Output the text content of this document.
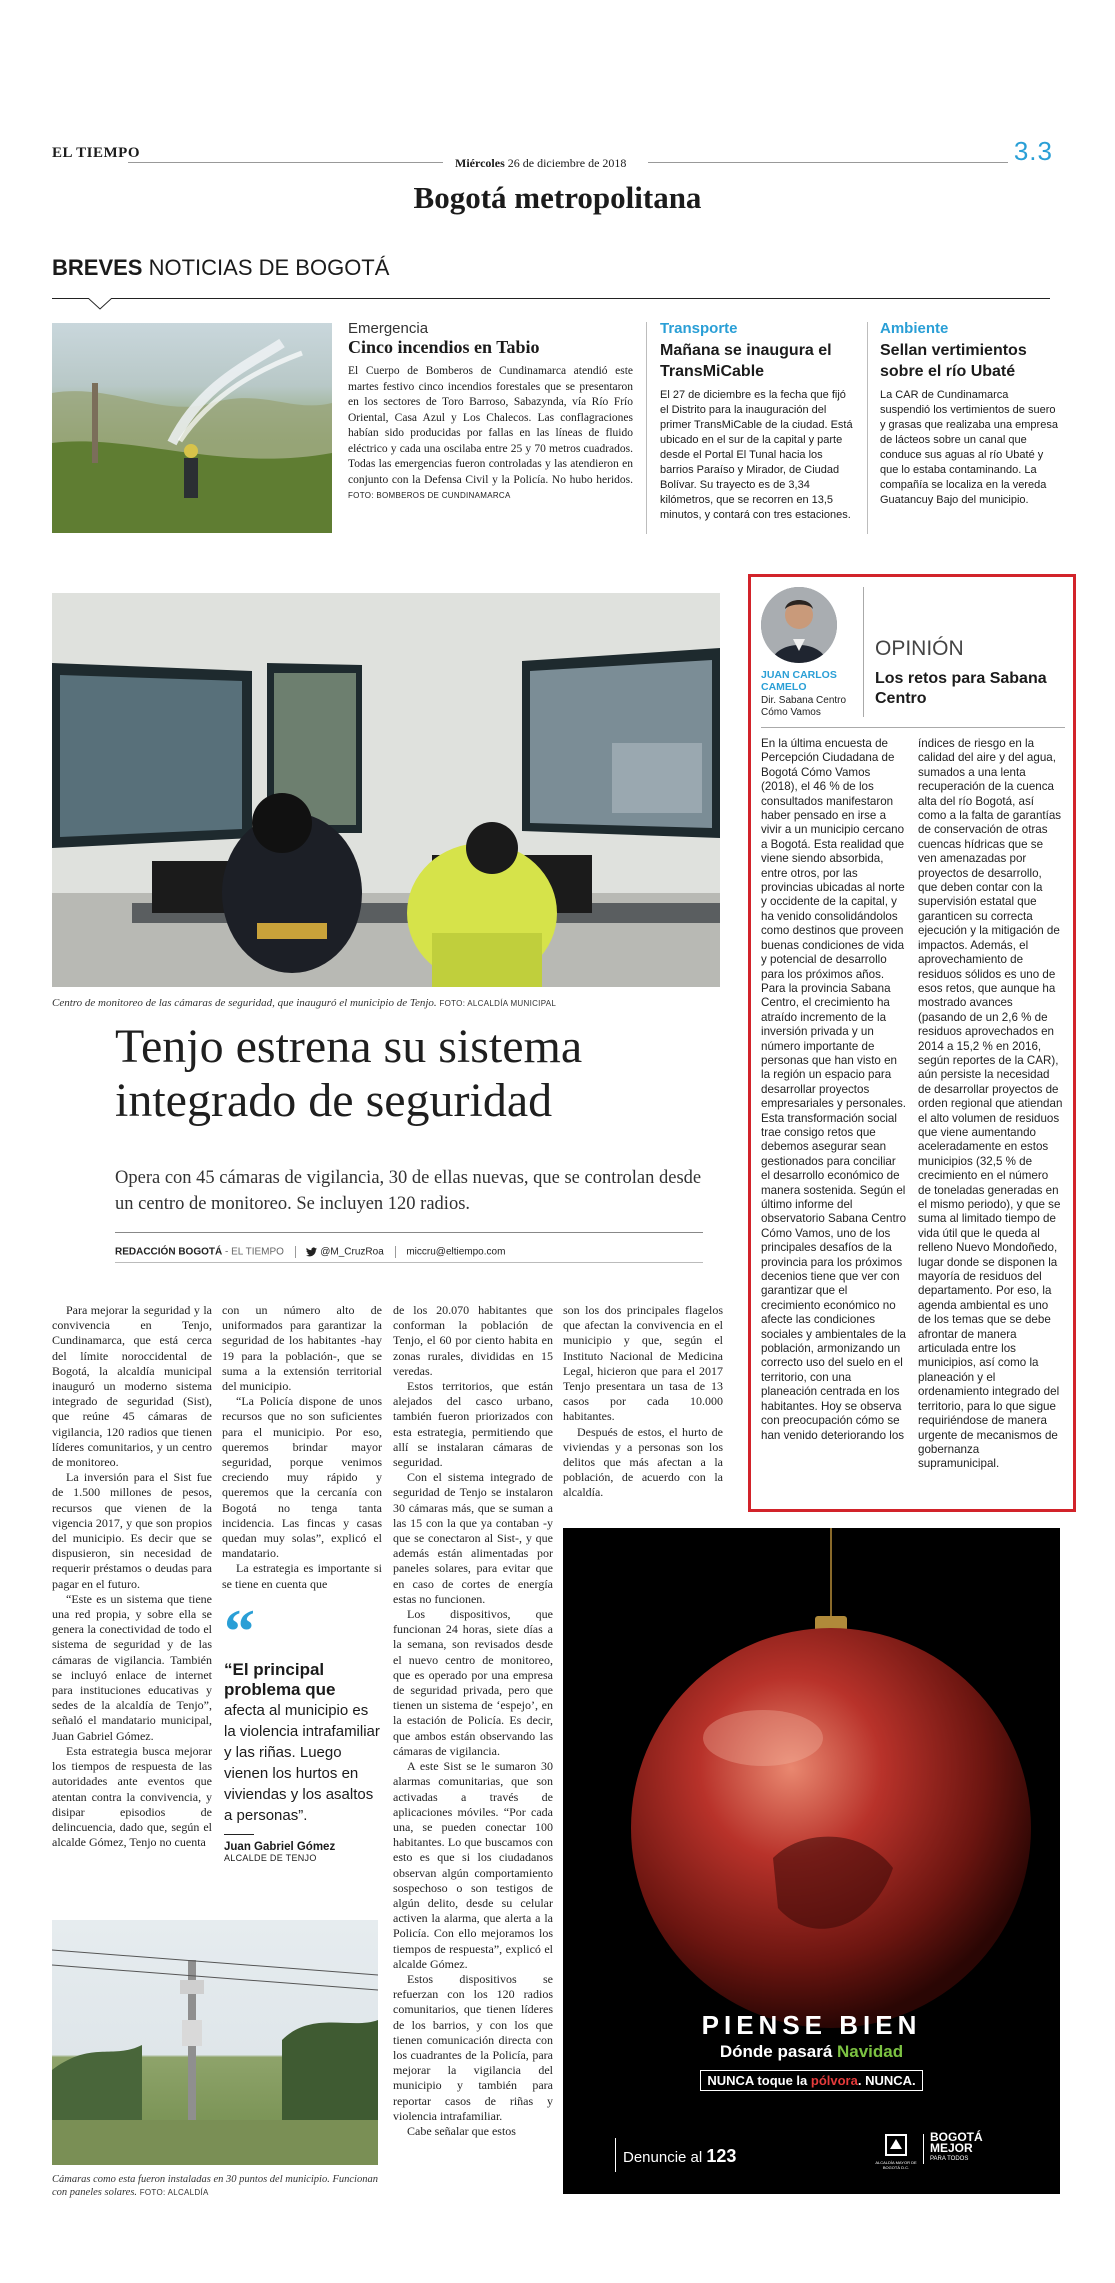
EL TIEMPO
Miércoles 26 de diciembre de 2018	3.3
Bogotá metropolitana
BREVES NOTICIAS DE BOGOTÁ
Emergencia
Cinco incendios en Tabio
El Cuerpo de Bomberos de Cundinamarca atendió este martes festivo cinco incendios forestales que se presentaron en los sectores de Toro Barroso, Sabazynda, vía Río Frío Oriental, Casa Azul y Los Chalecos. Las conflagraciones habían sido producidas por fallas en las líneas de fluido eléctrico y cada una oscilaba entre 25 y 70 metros cuadrados. Todas las emergencias fueron controladas y las atendieron en conjunto con la Defensa Civil y la Policía. No hubo heridos. FOTO: BOMBEROS DE CUNDINAMARCA
Transporte
Mañana se inaugura el TransMiCable
El 27 de diciembre es la fecha que fijó el Distrito para la inauguración del primer TransMiCable de la ciudad. Está ubicado en el sur de la capital y parte desde el Portal El Tunal hacia los barrios Paraíso y Mirador, de Ciudad Bolívar. Su trayecto es de 3,34 kilómetros, que se recorren en 13,5 minutos, y contará con tres estaciones.
Ambiente
Sellan vertimientos sobre el río Ubaté
La CAR de Cundinamarca suspendió los vertimientos de suero y grasas que realizaba una empresa de lácteos sobre un canal que conduce sus aguas al río Ubaté y que lo estaba contaminando. La compañía se localiza en la vereda Guatancuy Bajo del municipio.
Centro de monitoreo de las cámaras de seguridad, que inauguró el municipio de Tenjo. FOTO: ALCALDÍA MUNICIPAL
Tenjo estrena su sistema integrado de seguridad
Opera con 45 cámaras de vigilancia, 30 de ellas nuevas, que se controlan desde un centro de monitoreo. Se incluyen 120 radios.
REDACCIÓN BOGOTÁ - EL TIEMPO	@M_CruzRoa miccru@eltiempo.com

Para mejorar la seguridad y la convivencia en Tenjo, Cundinamarca, que está cerca del límite noroccidental de Bogotá, la alcaldía municipal inauguró un moderno sistema integrado de seguridad (Sist), que reúne 45 cámaras de vigilancia, 120 radios que tienen líderes comunitarios, y un centro de monitoreo.

La inversión para el Sist fue de 1.500 millones de pesos, recursos que vienen de la vigencia 2017, y que son propios del municipio. Es decir que se dispusieron, sin necesidad de requerir préstamos o deudas para pagar en el futuro.

“Este es un sistema que tiene una red propia, y sobre ella se genera la conectividad de todo el sistema de seguridad y de las cámaras de vigilancia. También se incluyó enlace de internet para instituciones educativas y sedes de la alcaldía de Tenjo”, señaló el mandatario municipal, Juan Gabriel Gómez.

Esta estrategia busca mejorar los tiempos de respuesta de las autoridades ante eventos que atentan contra la convivencia, y disipar episodios de delincuencia, dado que, según el alcalde Gómez, Tenjo no cuenta

con un número alto de uniformados para garantizar la seguridad de los habitantes -hay 19 para la población-, que se suma a la extensión territorial del municipio.

“La Policía dispone de unos recursos que no son suficientes para el municipio. Por eso, queremos brindar mayor seguridad, porque venimos creciendo muy rápido y queremos que la cercanía con Bogotá no tenga tanta incidencia. Las fincas y casas quedan muy solas”, explicó el mandatario.

La estrategia es importante si se tiene en cuenta que

“
“El principal problema que
afecta al municipio es la violencia intrafamiliar y las riñas. Luego vienen los hurtos en viviendas y los asaltos a personas”.
Juan Gabriel Gómez
ALCALDE DE TENJO

de los 20.070 habitantes que conforman la población de Tenjo, el 60 por ciento habita en zonas rurales, divididas en 15 veredas.

Estos territorios, que están alejados del casco urbano, también fueron priorizados con esta estrategia, permitiendo que allí se instalaran cámaras de seguridad.

Con el sistema integrado de seguridad de Tenjo se instalaron 30 cámaras más, que se suman a las 15 con la que ya contaban -y que se conectaron al Sist-, y que además están alimentadas por paneles solares, para evitar que en caso de cortes de energía estas no funcionen.

Los dispositivos, que funcionan 24 horas, siete días a la semana, son revisados desde el nuevo centro de monitoreo, que es operado por una empresa de seguridad privada, pero que tienen un sistema de ‘espejo’, en la estación de Policía. Es decir, que ambos están observando las cámaras de vigilancia.

A este Sist se le sumaron 30 alarmas comunitarias, que son activadas a través de aplicaciones móviles. “Por cada una, se pueden conectar 100 habitantes. Lo que buscamos con esto es que si los ciudadanos observan algún comportamiento sospechoso o son testigos de algún delito, desde su celular activen la alarma, que alerta a la Policía. Con ello mejoramos los tiempos de respuesta”, explicó el alcalde Gómez.

Estos dispositivos se refuerzan con los 120 radios comunitarios, que tienen líderes de los barrios, y con los que tienen comunicación directa con los cuadrantes de la Policía, para mejorar la vigilancia del municipio y también para reportar casos de riñas y violencia intrafamiliar.

Cabe señalar que estos

son los dos principales flagelos que afectan la convivencia en el municipio y que, según el Instituto Nacional de Medicina Legal, hicieron que para el 2017 Tenjo presentara un tasa de 13 casos por cada 10.000 habitantes.

Después de estos, el hurto de viviendas y a personas son los delitos que más afectan a la población, de acuerdo con la alcaldía.

Cámaras como esta fueron instaladas en 30 puntos del municipio. Funcionan con paneles solares. FOTO: ALCALDÍA
JUAN CARLOS CAMELO
Dir. Sabana Centro Cómo Vamos
OPINIÓN
Los retos para Sabana Centro
En la última encuesta de Percepción Ciudadana de Bogotá Cómo Vamos (2018), el 46 % de los consultados manifestaron haber pensado en irse a vivir a un municipio cercano a Bogotá. Esta realidad que viene siendo absorbida, entre otros, por las provincias ubicadas al norte y occidente de la capital, y ha venido consolidándolos como destinos que proveen buenas condiciones de vida y potencial de desarrollo para los próximos años. Para la provincia Sabana Centro, el crecimiento ha atraído incremento de la inversión privada y un número importante de personas que han visto en la región un espacio para desarrollar proyectos empresariales y personales. Esta transformación social trae consigo retos que debemos asegurar sean gestionados para conciliar el desarrollo económico de manera sostenida. Según el último informe del observatorio Sabana Centro Cómo Vamos, uno de los principales desafíos de la provincia para los próximos decenios tiene que ver con garantizar que el crecimiento económico no afecte las condiciones sociales y ambientales de la población, armonizando un correcto uso del suelo en el territorio, con una planeación centrada en los habitantes. Hoy se observa con preocupación cómo se han venido deteriorando los
índices de riesgo en la calidad del aire y del agua, sumados a una lenta recuperación de la cuenca alta del río Bogotá, así como a la falta de garantías de conservación de otras cuencas hídricas que se ven amenazadas por proyectos de desarrollo, que deben contar con la supervisión estatal que garanticen su correcta ejecución y la mitigación de impactos. Además, el aprovechamiento de residuos sólidos es uno de esos retos, que aunque ha mostrado avances (pasando de un 2,6 % de residuos aprovechados en 2014 a 15,2 % en 2016, según reportes de la CAR), aún persiste la necesidad de desarrollar proyectos de orden regional que atiendan el alto volumen de residuos que viene aumentando aceleradamente en estos municipios (32,5 % de crecimiento en el número de toneladas generadas en el mismo periodo), y que se suma al limitado tiempo de vida útil que le queda al relleno Nuevo Mondoñedo, lugar donde se disponen la mayoría de residuos del departamento. Por eso, la agenda ambiental es uno de los temas que se debe afrontar de manera articulada entre los municipios, así como la planeación y el ordenamiento integrado del territorio, para lo que sigue requiriéndose de manera urgente de mecanismos de gobernanza supramunicipal.
PIENSE BIEN
Dónde pasará Navidad
NUNCA toque la pólvora. NUNCA.
Denuncie al 123	ALCALDÍA MAYOR DE BOGOTÁ D.C.
BOGOTÁ
MEJOR
PARA TODOS
